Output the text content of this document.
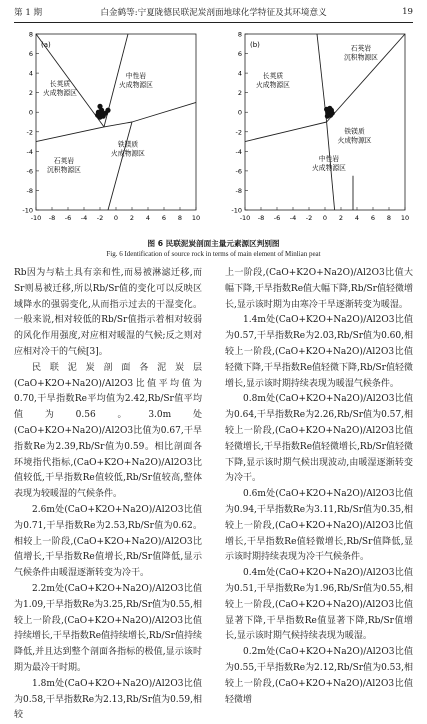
第 1 期	白金鹤等:宁夏陇德民联泥炭剖面地球化学特征及其环境意义	19
8
6
4
2
0
-2
-4
-6
-8
-10
-10 -8 -6 -4 -2 0 2 4 6 8 10
(a)
长英质
火成物源区
中性岩
火成物源区
铁镁质
火成物源区
石英岩
沉积物源区
8
6
4
2
0
-2
-4
-6
-8
-10
-10 -8 -6 -4 -2 0 2 4 6 8 10
(b)	石英岩
沉积物源区
长英质
火成物源区
铁镁质
火成物源区
中性岩
火成物源区
图 6 民联泥炭剖面主量元素源区判别图
Fig. 6 Identification of source rock in terms of main element of Minlian peat

Rb因为与粘土具有亲和性,而易被淋滤迁移,而Sr则易被迁移,所以Rb/Sr值的变化可以反映区域降水的强弱变化,从而指示过去的干湿变化。一般来说,相对较低的Rb/Sr值指示着相对较弱的风化作用强度,对应相对暖湿的气候;反之则对应相对冷干的气候[3]。

民联泥炭剖面各泥炭层(CaO+K2O+Na2O)/Al2O3比值平均值为0.70,干旱指数Re平均值为2.42,Rb/Sr值平均值为0.56。3.0m处(CaO+K2O+Na2O)/Al2O3比值为0.67,干旱指数Re为2.39,Rb/Sr值为0.59。相比剖面各环境指代指标,(CaO+K2O+Na2O)/Al2O3比值较低,干旱指数Re值较低,Rb/Sr值较高,整体表现为较暖湿的气候条件。

2.6m处(CaO+K2O+Na2O)/Al2O3比值为0.71,干旱指数Re为2.53,Rb/Sr值为0.62。相较上一阶段,(CaO+K2O+Na2O)/Al2O3比值增长,干旱指数Re值增长,Rb/Sr值降低,显示气候条件由暖湿逐渐转变为冷干。

2.2m处(CaO+K2O+Na2O)/Al2O3比值为1.09,干旱指数Re为3.25,Rb/Sr值为0.55,相较上一阶段,(CaO+K2O+Na2O)/Al2O3比值持续增长,干旱指数Re值持续增长,Rb/Sr值持续降低,并且达到整个剖面各指标的极值,显示该时期为最冷干时期。

1.8m处(CaO+K2O+Na2O)/Al2O3比值为0.58,干旱指数Re为2.13,Rb/Sr值为0.59,相较

上一阶段,(CaO+K2O+Na2O)/Al2O3比值大幅下降,干旱指数Re值大幅下降,Rb/Sr值轻微增长,显示该时期为由寒冷干旱逐渐转变为暖湿。

1.4m处(CaO+K2O+Na2O)/Al2O3比值为0.57,干旱指数Re为2.03,Rb/Sr值为0.60,相较上一阶段,(CaO+K2O+Na2O)/Al2O3比值轻微下降,干旱指数Re值轻微下降,Rb/Sr值轻微增长,显示该时期持续表现为暖湿气候条件。

0.8m处(CaO+K2O+Na2O)/Al2O3比值为0.64,干旱指数Re为2.26,Rb/Sr值为0.57,相较上一阶段,(CaO+K2O+Na2O)/Al2O3比值轻微增长,干旱指数Re值轻微增长,Rb/Sr值轻微下降,显示该时期气候出现波动,由暖湿逐渐转变为冷干。

0.6m处(CaO+K2O+Na2O)/Al2O3比值为0.94,干旱指数Re为3.11,Rb/Sr值为0.35,相较上一阶段,(CaO+K2O+Na2O)/Al2O3比值增长,干旱指数Re值轻微增长,Rb/Sr值降低,显示该时期持续表现为冷干气候条件。

0.4m处(CaO+K2O+Na2O)/Al2O3比值为0.51,干旱指数Re为1.96,Rb/Sr值为0.55,相较上一阶段,(CaO+K2O+Na2O)/Al2O3比值显著下降,干旱指数Re值显著下降,Rb/Sr值增长,显示该时期气候持续表现为暖湿。

0.2m处(CaO+K2O+Na2O)/Al2O3比值为0.55,干旱指数Re为2.12,Rb/Sr值为0.53,相较上一阶段,(CaO+K2O+Na2O)/Al2O3比值轻微增
